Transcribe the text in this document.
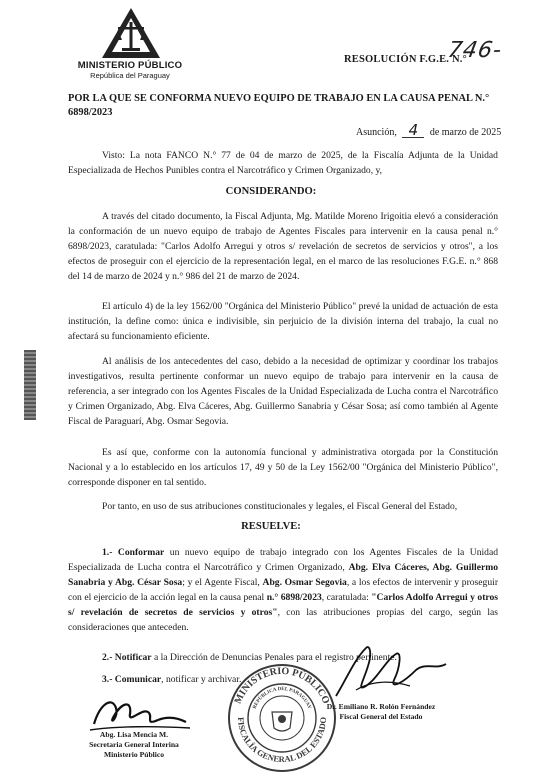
MINISTERIO PÚBLICO
República del Paraguay
RESOLUCIÓN F.G.E. N.°
746-
POR LA QUE SE CONFORMA NUEVO EQUIPO DE TRABAJO EN LA CAUSA PENAL N.° 6898/2023
Asunción, 4 de marzo de 2025

Visto: La nota FANCO N.° 77 de 04 de marzo de 2025, de la Fiscalía Adjunta de la Unidad Especializada de Hechos Punibles contra el Narcotráfico y Crimen Organizado, y,

CONSIDERANDO:

A través del citado documento, la Fiscal Adjunta, Mg. Matilde Moreno Irigoitia elevó a consideración la conformación de un nuevo equipo de trabajo de Agentes Fiscales para intervenir en la causa penal n.° 6898/2023, caratulada: "Carlos Adolfo Arregui y otros s/ revelación de secretos de servicios y otros", a los efectos de proseguir con el ejercicio de la representación legal, en el marco de las resoluciones F.G.E. n.° 868 del 14 de marzo de 2024 y n.° 986 del 21 de marzo de 2024.

El artículo 4) de la ley 1562/00 "Orgánica del Ministerio Público" prevé la unidad de actuación de esta institución, la define como: única e indivisible, sin perjuicio de la división interna del trabajo, la cual no afectará su funcionamiento eficiente.

Al análisis de los antecedentes del caso, debido a la necesidad de optimizar y coordinar los trabajos investigativos, resulta pertinente conformar un nuevo equipo de trabajo para intervenir en la causa de referencia, a ser integrado con los Agentes Fiscales de la Unidad Especializada de Lucha contra el Narcotráfico y Crimen Organizado, Abg. Elva Cáceres, Abg. Guillermo Sanabria y César Sosa; así como también al Agente Fiscal de Paraguarí, Abg. Osmar Segovia.

Es así que, conforme con la autonomía funcional y administrativa otorgada por la Constitución Nacional y a lo establecido en los artículos 17, 49 y 50 de la Ley 1562/00 "Orgánica del Ministerio Público", corresponde disponer en tal sentido.

Por tanto, en uso de sus atribuciones constitucionales y legales, el Fiscal General del Estado,

RESUELVE:

1.- Conformar un nuevo equipo de trabajo integrado con los Agentes Fiscales de la Unidad Especializada de Lucha contra el Narcotráfico y Crimen Organizado, Abg. Elva Cáceres, Abg. Guillermo Sanabria y Abg. César Sosa; y el Agente Fiscal, Abg. Osmar Segovia, a los efectos de intervenir y proseguir con el ejercicio de la acción legal en la causa penal n.° 6898/2023, caratulada: "Carlos Adolfo Arregui y otros s/ revelación de secretos de servicios y otros", con las atribuciones propias del cargo, según las consideraciones que anteceden.

2.- Notificar a la Dirección de Denuncias Penales para el registro pertinente.

3.- Comunicar, notificar y archivar.

Abg. Lisa Mencia M.
Secretaria General Interina
Ministerio Público
MINISTERIO PÚBLICO
FISCALÍA GENERAL DEL ESTADO
REPÚBLICA DEL PARAGUAY	Dr. Emiliano R. Rolón Fernández
Fiscal General del Estado
